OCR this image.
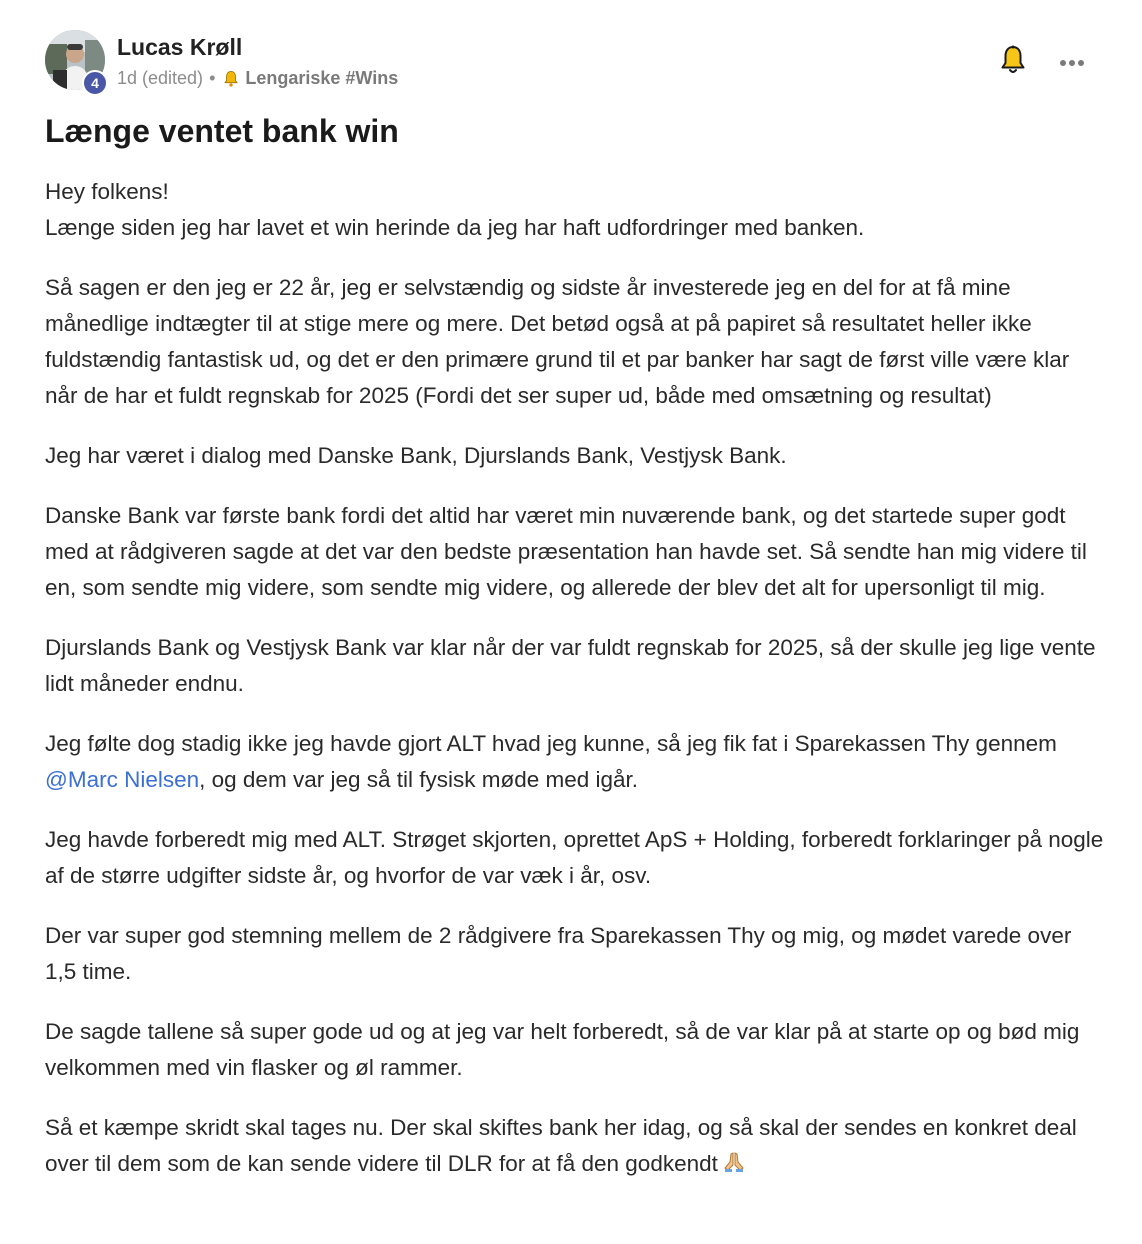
4
Lucas Krøll
1d (edited) • Lengariske #Wins
Længe ventet bank win

Hey folkens!
Længe siden jeg har lavet et win herinde da jeg har haft udfordringer med banken.

Så sagen er den jeg er 22 år, jeg er selvstændig og sidste år investerede jeg en del for at få mine månedlige indtægter til at stige mere og mere. Det betød også at på papiret så resultatet heller ikke fuldstændig fantastisk ud, og det er den primære grund til et par banker har sagt de først ville være klar når de har et fuldt regnskab for 2025 (Fordi det ser super ud, både med omsætning og resultat)

Jeg har været i dialog med Danske Bank, Djurslands Bank, Vestjysk Bank.

Danske Bank var første bank fordi det altid har været min nuværende bank, og det startede super godt med at rådgiveren sagde at det var den bedste præsentation han havde set. Så sendte han mig videre til en, som sendte mig videre, som sendte mig videre, og allerede der blev det alt for upersonligt til mig.

Djurslands Bank og Vestjysk Bank var klar når der var fuldt regnskab for 2025, så der skulle jeg lige vente lidt måneder endnu.

Jeg følte dog stadig ikke jeg havde gjort ALT hvad jeg kunne, så jeg fik fat i Sparekassen Thy gennem @Marc Nielsen, og dem var jeg så til fysisk møde med igår.

Jeg havde forberedt mig med ALT. Strøget skjorten, oprettet ApS + Holding, forberedt forklaringer på nogle af de større udgifter sidste år, og hvorfor de var væk i år, osv.

Der var super god stemning mellem de 2 rådgivere fra Sparekassen Thy og mig, og mødet varede over 1,5 time.

De sagde tallene så super gode ud og at jeg var helt forberedt, så de var klar på at starte op og bød mig velkommen med vin flasker og øl rammer.

Så et kæmpe skridt skal tages nu. Der skal skiftes bank her idag, og så skal der sendes en konkret deal over til dem som de kan sende videre til DLR for at få den godkendt
